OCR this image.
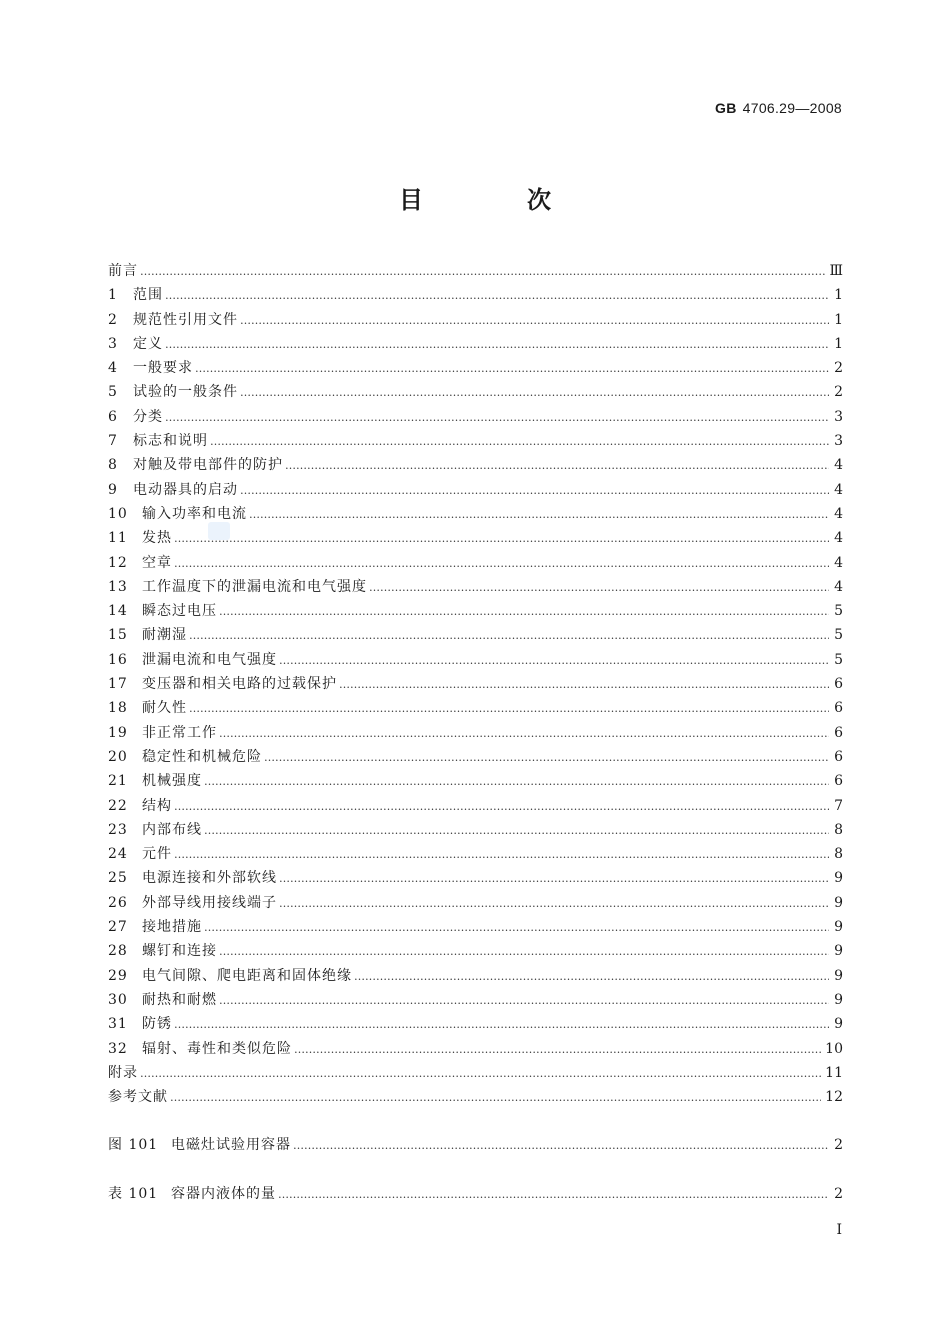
GB 4706.29—2008
目　次
前言 ………………………………………………………………………………………………………………………………………………………………………………………………………………………………	Ⅲ
1	范围 ………………………………………………………………………………………………………………………………………………………………………………………………………………………………	1
2	规范性引用文件 ………………………………………………………………………………………………………………………………………………………………………………………………………………………………	1
3	定义 ………………………………………………………………………………………………………………………………………………………………………………………………………………………………	1
4	一般要求 ………………………………………………………………………………………………………………………………………………………………………………………………………………………………	2
5	试验的一般条件 ………………………………………………………………………………………………………………………………………………………………………………………………………………………………	2
6	分类 ………………………………………………………………………………………………………………………………………………………………………………………………………………………………	3
7	标志和说明 ………………………………………………………………………………………………………………………………………………………………………………………………………………………………	3
8	对触及带电部件的防护 ………………………………………………………………………………………………………………………………………………………………………………………………………………………………	4
9	电动器具的启动 ………………………………………………………………………………………………………………………………………………………………………………………………………………………………	4
10	输入功率和电流 ………………………………………………………………………………………………………………………………………………………………………………………………………………………………	4
11	发热 ………………………………………………………………………………………………………………………………………………………………………………………………………………………………	4
12	空章 ………………………………………………………………………………………………………………………………………………………………………………………………………………………………	4
13	工作温度下的泄漏电流和电气强度 ………………………………………………………………………………………………………………………………………………………………………………………………………………………………	4
14	瞬态过电压 ………………………………………………………………………………………………………………………………………………………………………………………………………………………………	5
15	耐潮湿 ………………………………………………………………………………………………………………………………………………………………………………………………………………………………	5
16	泄漏电流和电气强度 ………………………………………………………………………………………………………………………………………………………………………………………………………………………………	5
17	变压器和相关电路的过载保护 ………………………………………………………………………………………………………………………………………………………………………………………………………………………………	6
18	耐久性 ………………………………………………………………………………………………………………………………………………………………………………………………………………………………	6
19	非正常工作 ………………………………………………………………………………………………………………………………………………………………………………………………………………………………	6
20	稳定性和机械危险 ………………………………………………………………………………………………………………………………………………………………………………………………………………………………	6
21	机械强度 ………………………………………………………………………………………………………………………………………………………………………………………………………………………………	6
22	结构 ………………………………………………………………………………………………………………………………………………………………………………………………………………………………	7
23	内部布线 ………………………………………………………………………………………………………………………………………………………………………………………………………………………………	8
24	元件 ………………………………………………………………………………………………………………………………………………………………………………………………………………………………	8
25	电源连接和外部软线 ………………………………………………………………………………………………………………………………………………………………………………………………………………………………	9
26	外部导线用接线端子 ………………………………………………………………………………………………………………………………………………………………………………………………………………………………	9
27	接地措施 ………………………………………………………………………………………………………………………………………………………………………………………………………………………………	9
28	螺钉和连接 ………………………………………………………………………………………………………………………………………………………………………………………………………………………………	9
29	电气间隙、爬电距离和固体绝缘 ………………………………………………………………………………………………………………………………………………………………………………………………………………………………	9
30	耐热和耐燃 ………………………………………………………………………………………………………………………………………………………………………………………………………………………………	9
31	防锈 ………………………………………………………………………………………………………………………………………………………………………………………………………………………………	9
32	辐射、毒性和类似危险 ………………………………………………………………………………………………………………………………………………………………………………………………………………………………	10
附录 ………………………………………………………………………………………………………………………………………………………………………………………………………………………………	11
参考文献 ………………………………………………………………………………………………………………………………………………………………………………………………………………………………	12
图 101 电磁灶试验用容器 ………………………………………………………………………………………………………………………………………………………………………………………………………………………………	2
表 101 容器内液体的量 ………………………………………………………………………………………………………………………………………………………………………………………………………………………………	2
I
